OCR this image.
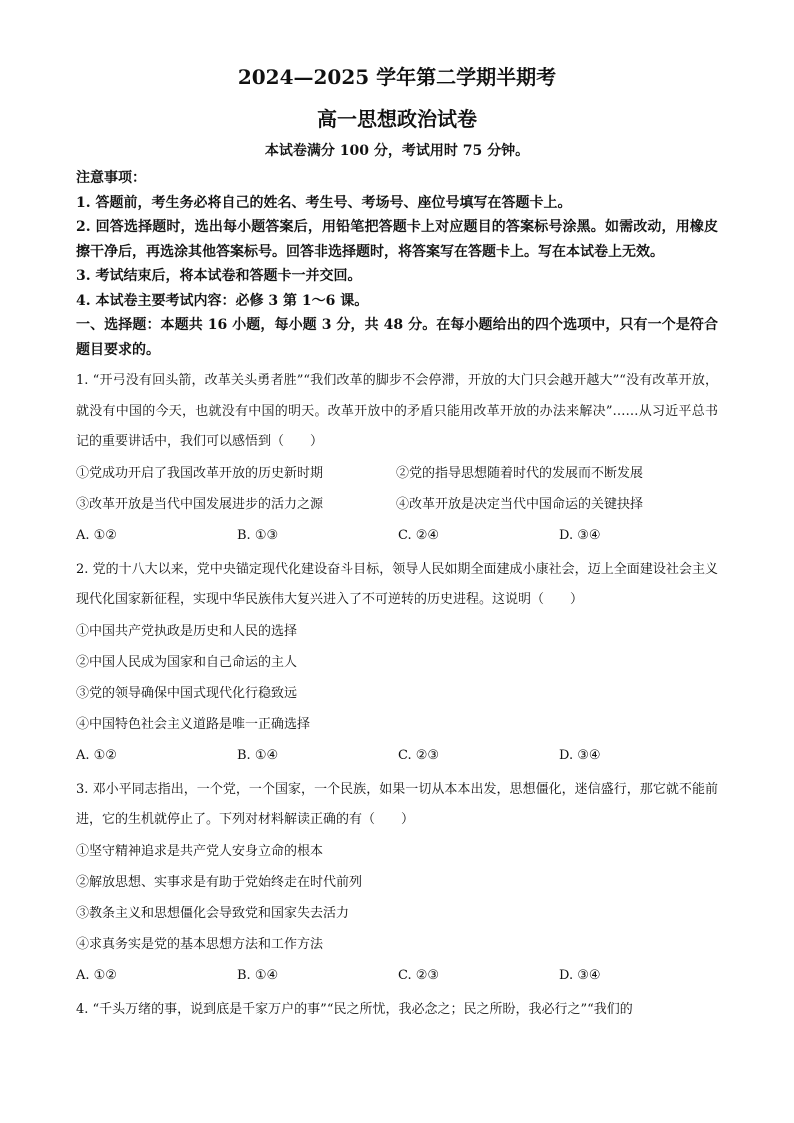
2024—2025 学年第二学期半期考
高一思想政治试卷
本试卷满分 100 分，考试用时 75 分钟。
注意事项：
1. 答题前，考生务必将自己的姓名、考生号、考场号、座位号填写在答题卡上。
2. 回答选择题时，选出每小题答案后，用铅笔把答题卡上对应题目的答案标号涂黑。如需改动，用橡皮擦干净后，再选涂其他答案标号。回答非选择题时，将答案写在答题卡上。写在本试卷上无效。
3. 考试结束后，将本试卷和答题卡一并交回。
4. 本试卷主要考试内容：必修 3 第 1～6 课。
一、选择题：本题共 16 小题，每小题 3 分，共 48 分。在每小题给出的四个选项中，只有一个是符合题目要求的。
1. “开弓没有回头箭，改革关头勇者胜”“我们改革的脚步不会停滞，开放的大门只会越开越大”“没有改革开放，就没有中国的今天，也就没有中国的明天。改革开放中的矛盾只能用改革开放的办法来解决”……从习近平总书记的重要讲话中，我们可以感悟到（　　）
①党成功开启了我国改革开放的历史新时期	②党的指导思想随着时代的发展而不断发展
③改革开放是当代中国发展进步的活力之源	④改革开放是决定当代中国命运的关键抉择
A. ①②	B. ①③	C. ②④	D. ③④
2. 党的十八大以来，党中央锚定现代化建设奋斗目标，领导人民如期全面建成小康社会，迈上全面建设社会主义现代化国家新征程，实现中华民族伟大复兴进入了不可逆转的历史进程。这说明（　　）
①中国共产党执政是历史和人民的选择
②中国人民成为国家和自己命运的主人
③党的领导确保中国式现代化行稳致远
④中国特色社会主义道路是唯一正确选择
A. ①②	B. ①④	C. ②③	D. ③④
3. 邓小平同志指出，一个党，一个国家，一个民族，如果一切从本本出发，思想僵化，迷信盛行，那它就不能前进，它的生机就停止了。下列对材料解读正确的有（　　）
①坚守精神追求是共产党人安身立命的根本
②解放思想、实事求是有助于党始终走在时代前列
③教条主义和思想僵化会导致党和国家失去活力
④求真务实是党的基本思想方法和工作方法
A. ①②	B. ①④	C. ②③	D. ③④
4. “千头万绪的事，说到底是千家万户的事”“民之所忧，我必念之；民之所盼，我必行之”“我们的
